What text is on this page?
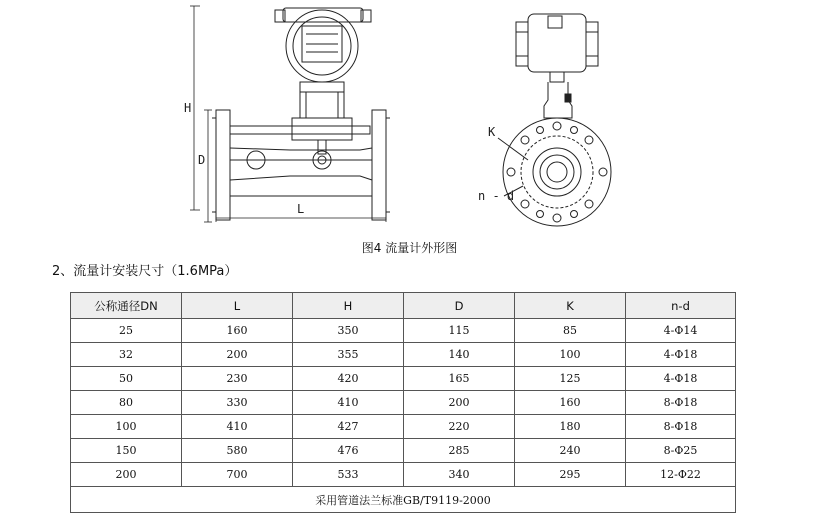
H
D
L
K
n - d
图4 流量计外形图
2、流量计安装尺寸（1.6MPa）
公称通径DN	L	H	D	K	n-d
25	160	350	115	85	4-Φ14
32	200	355	140	100	4-Φ18
50	230	420	165	125	4-Φ18
80	330	410	200	160	8-Φ18
100	410	427	220	180	8-Φ18
150	580	476	285	240	8-Φ25
200	700	533	340	295	12-Φ22
采用管道法兰标准GB/T9119-2000					
